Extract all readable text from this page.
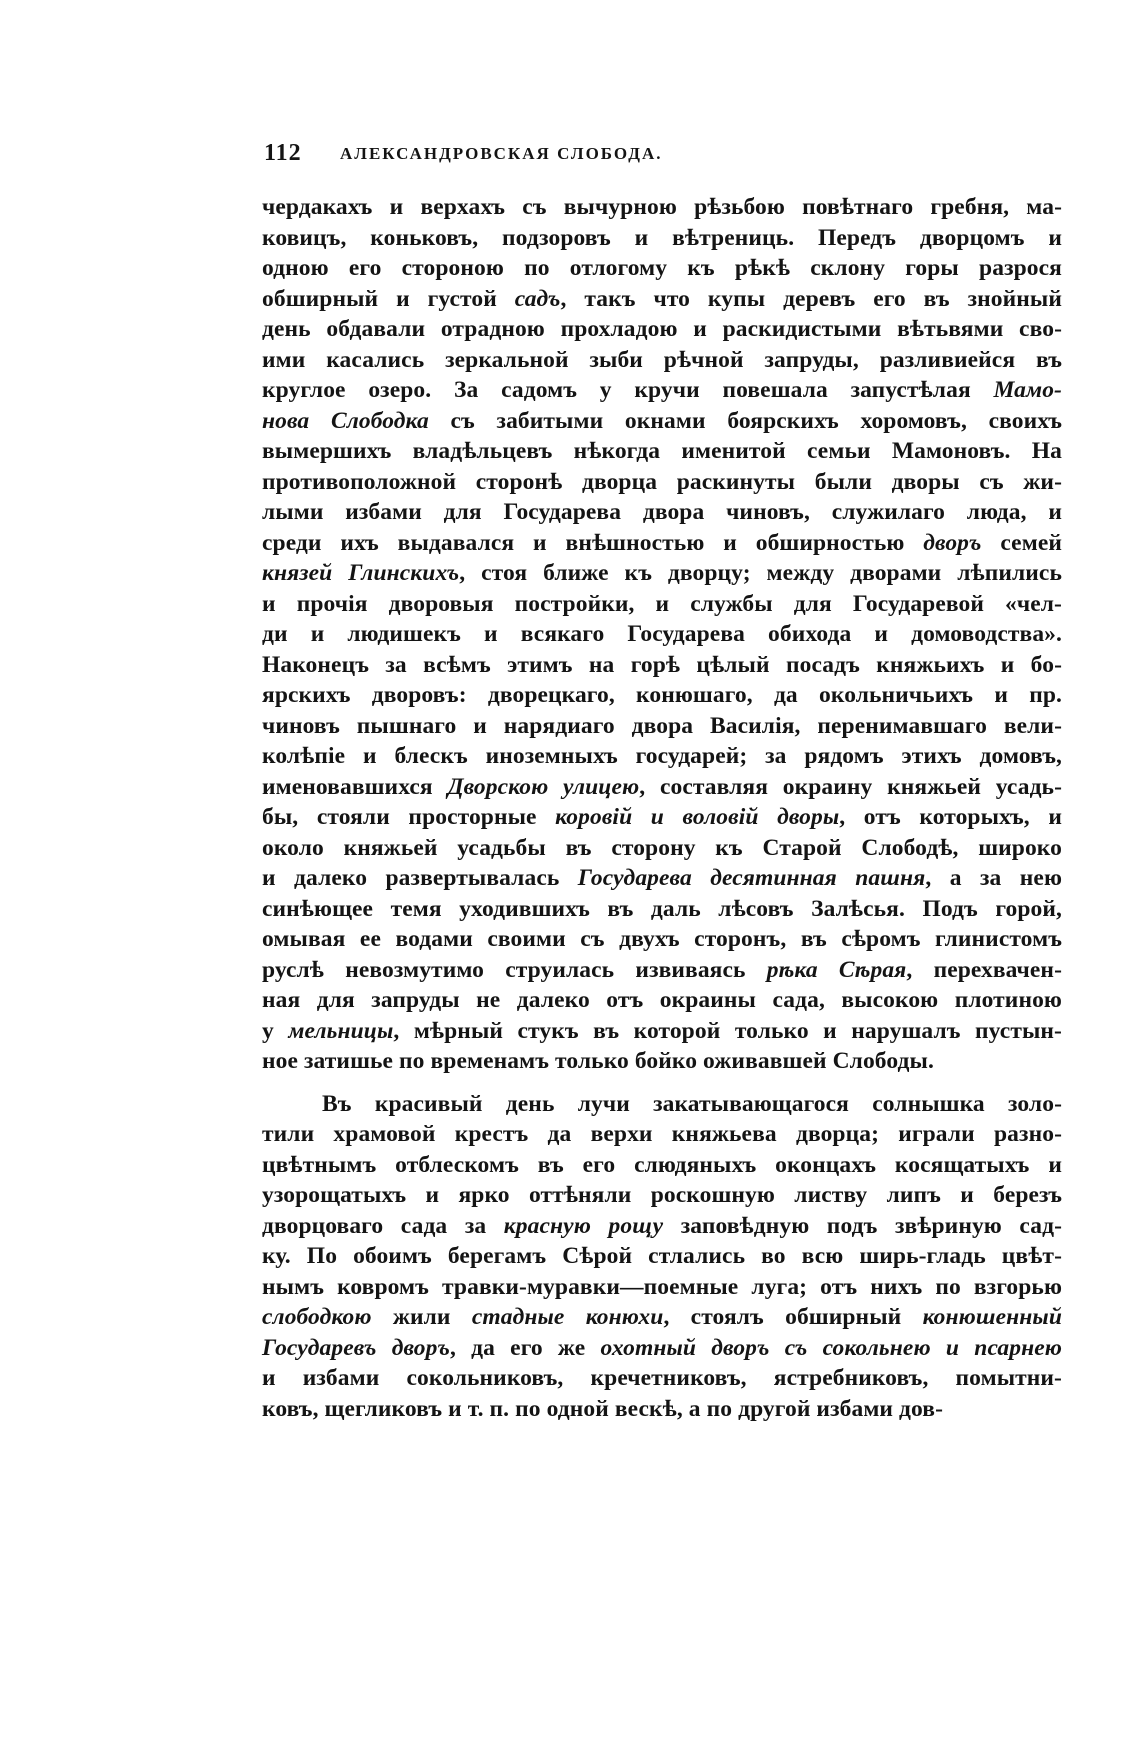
112 АЛЕКСАНДРОВСКАЯ СЛОБОДА.
чердакахъ и верхахъ съ вычурною рѣзьбою повѣтнаго гребня, ма-
ковицъ, коньковъ, подзоровъ и вѣтрениць. Передъ дворцомъ и
одною его стороною по отлогому къ рѣкѣ склону горы разрося
обширный и густой садъ, такъ что купы деревъ его въ знойный
день обдавали отрадною прохладою и раскидистыми вѣтьвями сво-
ими касались зеркальной зыби рѣчной запруды, разливиейся въ
круглое озеро. За садомъ у кручи повешала запустѣлая Мамо-
нова Слободка съ забитыми окнами боярскихъ хоромовъ, своихъ
вымершихъ владѣльцевъ нѣкогда именитой семьи Мамоновъ. На
противоположной сторонѣ дворца раскинуты были дворы съ жи-
лыми избами для Государева двора чиновъ, служилаго люда, и
среди ихъ выдавался и внѣшностью и обширностью дворъ семей
князей Глинскихъ, стоя ближе къ дворцу; между дворами лѣпились
и прочія дворовыя постройки, и службы для Государевой «чел-
ди и людишекъ и всякаго Государева обихода и домоводства».
Наконецъ за всѣмъ этимъ на горѣ цѣлый посадъ княжьихъ и бо-
ярскихъ дворовъ: дворецкаго, конюшаго, да окольничьихъ и пр.
чиновъ пышнаго и нарядиаго двора Василія, перенимавшаго вели-
колѣпіе и блескъ иноземныхъ государей; за рядомъ этихъ домовъ,
именовавшихся Дворскою улицею, составляя окраину княжьей усадь-
бы, стояли просторные коровій и воловій дворы, отъ которыхъ, и
около княжьей усадьбы въ сторону къ Старой Слободѣ, широко
и далеко развертывалась Государева десятинная пашня, а за нею
синѣющее темя уходившихъ въ даль лѣсовъ Залѣсья. Подъ горой,
омывая ее водами своими съ двухъ сторонъ, въ сѣромъ глинистомъ
руслѣ невозмутимо струилась извиваясь рѣка Сѣрая, перехвачен-
ная для запруды не далеко отъ окраины сада, высокою плотиною
у мельницы, мѣрный стукъ въ которой только и нарушалъ пустын-
ное затишье по временамъ только бойко оживавшей Слободы.
Въ красивый день лучи закатывающагося солнышка золо-
тили храмовой крестъ да верхи княжьева дворца; играли разно-
цвѣтнымъ отблескомъ въ его слюдяныхъ оконцахъ косящатыхъ и
узорощатыхъ и ярко оттѣняли роскошную листву липъ и березъ
дворцоваго сада за красную рощу заповѣдную подъ звѣриную сад-
ку. По обоимъ берегамъ Сѣрой стлались во всю ширь-гладь цвѣт-
нымъ ковромъ травки-муравки—поемные луга; отъ нихъ по взгорью
слободкою жили стадные конюхи, стоялъ обширный конюшенный
Государевъ дворъ, да его же охотный дворъ съ сокольнею и псарнею
и избами сокольниковъ, кречетниковъ, ястребниковъ, помытни-
ковъ, щегликовъ и т. п. по одной вескѣ, а по другой избами дов-
